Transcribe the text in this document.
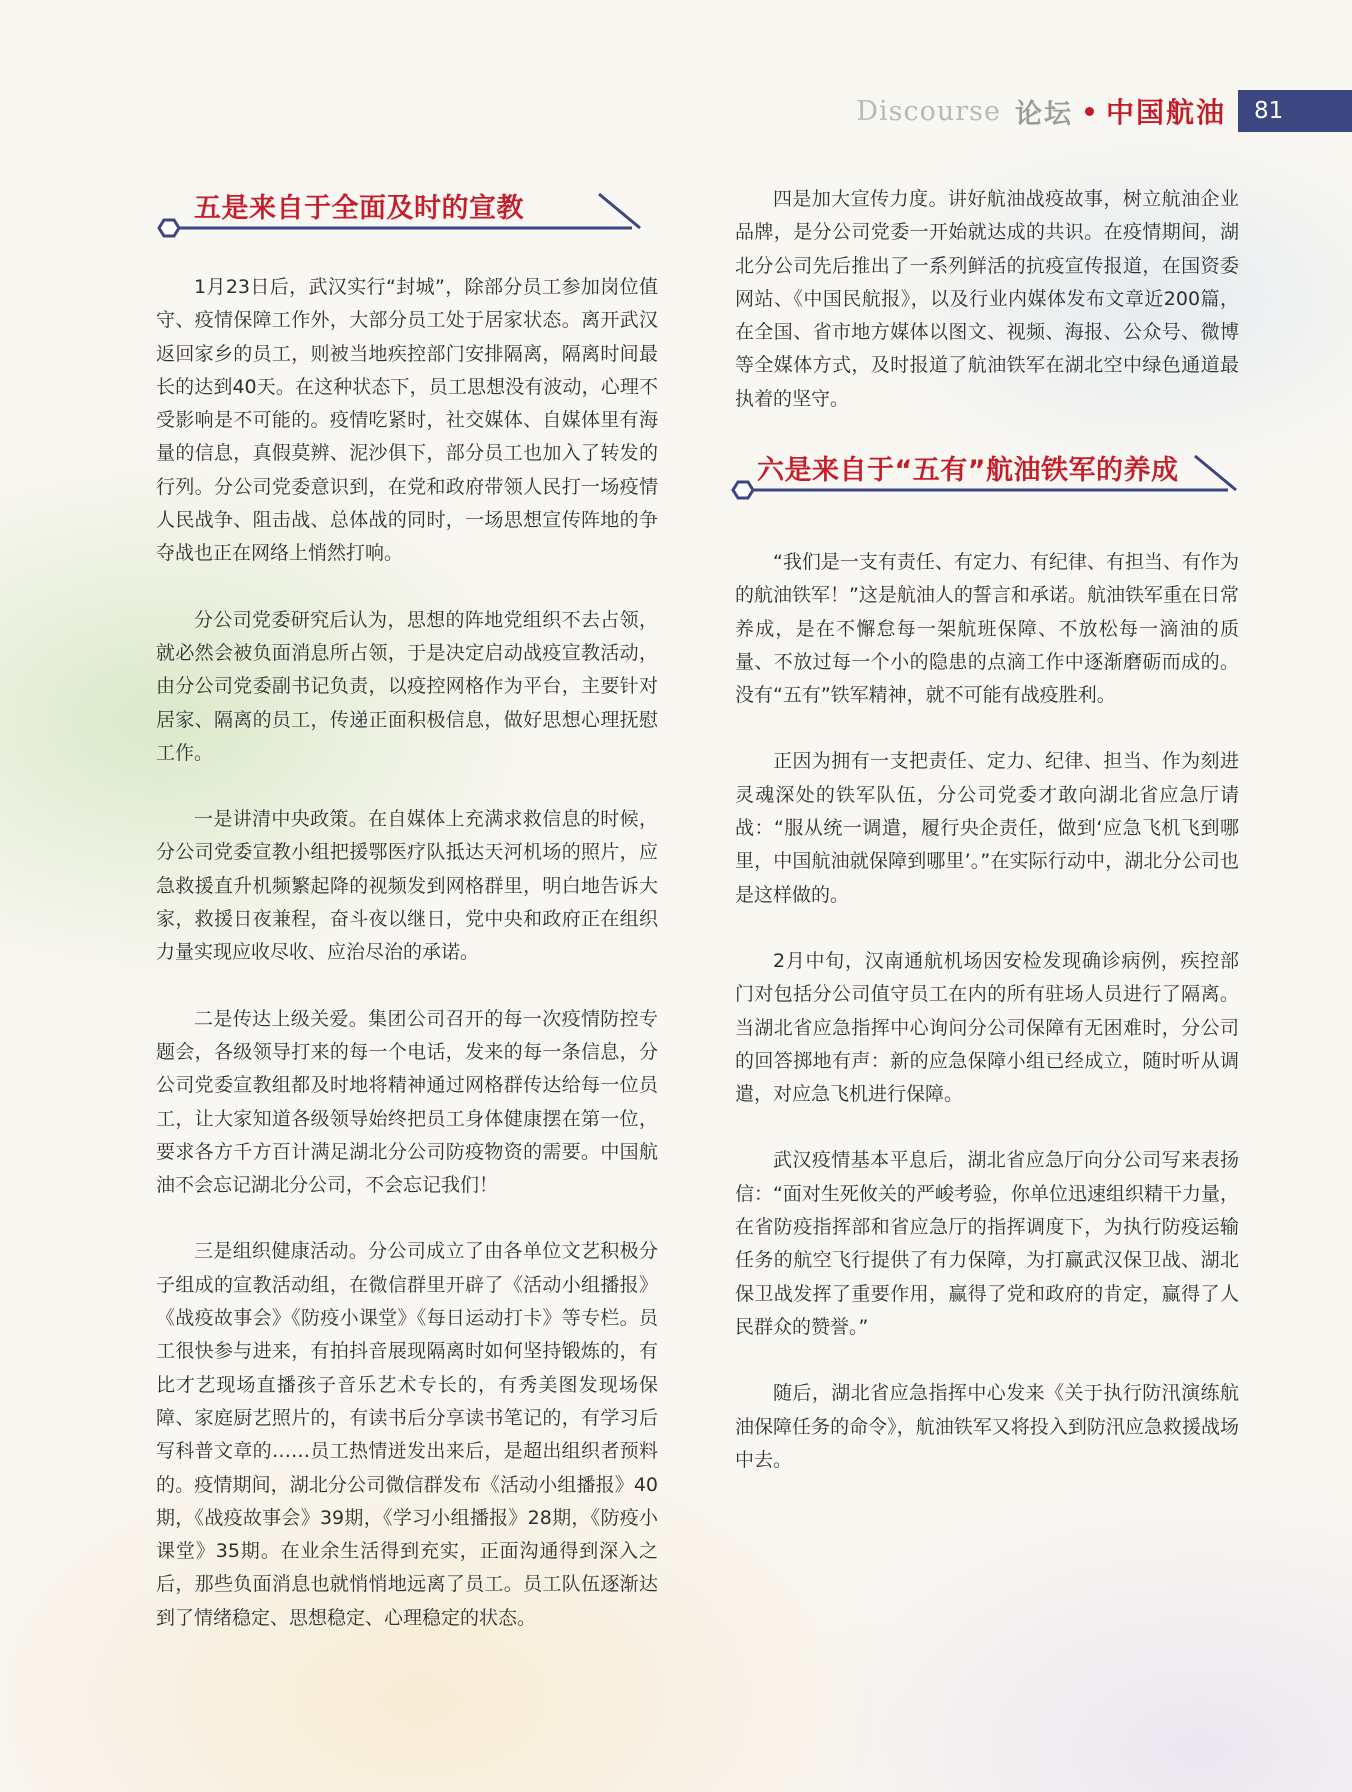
Discourse 论坛 中国航油	81
五是来自于全面及时的宣教

1月23日后，武汉实行“封城”，除部分员工参加岗位值守、疫情保障工作外，大部分员工处于居家状态。离开武汉返回家乡的员工，则被当地疾控部门安排隔离，隔离时间最长的达到40天。在这种状态下，员工思想没有波动，心理不受影响是不可能的。疫情吃紧时，社交媒体、自媒体里有海量的信息，真假莫辨、泥沙俱下，部分员工也加入了转发的行列。分公司党委意识到，在党和政府带领人民打一场疫情人民战争、阻击战、总体战的同时，一场思想宣传阵地的争夺战也正在网络上悄然打响。

分公司党委研究后认为，思想的阵地党组织不去占领，就必然会被负面消息所占领，于是决定启动战疫宣教活动，由分公司党委副书记负责，以疫控网格作为平台，主要针对居家、隔离的员工，传递正面积极信息，做好思想心理抚慰工作。

一是讲清中央政策。在自媒体上充满求救信息的时候，分公司党委宣教小组把援鄂医疗队抵达天河机场的照片，应急救援直升机频繁起降的视频发到网格群里，明白地告诉大家，救援日夜兼程，奋斗夜以继日，党中央和政府正在组织力量实现应收尽收、应治尽治的承诺。

二是传达上级关爱。集团公司召开的每一次疫情防控专题会，各级领导打来的每一个电话，发来的每一条信息，分公司党委宣教组都及时地将精神通过网格群传达给每一位员工，让大家知道各级领导始终把员工身体健康摆在第一位，要求各方千方百计满足湖北分公司防疫物资的需要。中国航油不会忘记湖北分公司，不会忘记我们！

三是组织健康活动。分公司成立了由各单位文艺积极分子组成的宣教活动组，在微信群里开辟了《活动小组播报》《战疫故事会》《防疫小课堂》《每日运动打卡》等专栏。员工很快参与进来，有拍抖音展现隔离时如何坚持锻炼的，有比才艺现场直播孩子音乐艺术专长的，有秀美图发现场保障、家庭厨艺照片的，有读书后分享读书笔记的，有学习后写科普文章的……员工热情迸发出来后，是超出组织者预料的。疫情期间，湖北分公司微信群发布《活动小组播报》40期，《战疫故事会》39期，《学习小组播报》28期，《防疫小课堂》35期。在业余生活得到充实，正面沟通得到深入之后，那些负面消息也就悄悄地远离了员工。员工队伍逐渐达到了情绪稳定、思想稳定、心理稳定的状态。

四是加大宣传力度。讲好航油战疫故事，树立航油企业品牌，是分公司党委一开始就达成的共识。在疫情期间，湖北分公司先后推出了一系列鲜活的抗疫宣传报道，在国资委网站、《中国民航报》，以及行业内媒体发布文章近200篇，在全国、省市地方媒体以图文、视频、海报、公众号、微博等全媒体方式，及时报道了航油铁军在湖北空中绿色通道最执着的坚守。

六是来自于“五有”航油铁军的养成

“我们是一支有责任、有定力、有纪律、有担当、有作为的航油铁军！”这是航油人的誓言和承诺。航油铁军重在日常养成，是在不懈怠每一架航班保障、不放松每一滴油的质量、不放过每一个小的隐患的点滴工作中逐渐磨砺而成的。没有“五有”铁军精神，就不可能有战疫胜利。

正因为拥有一支把责任、定力、纪律、担当、作为刻进灵魂深处的铁军队伍，分公司党委才敢向湖北省应急厅请战：“服从统一调遣，履行央企责任，做到‘应急飞机飞到哪里，中国航油就保障到哪里’。”在实际行动中，湖北分公司也是这样做的。

2月中旬，汉南通航机场因安检发现确诊病例，疾控部门对包括分公司值守员工在内的所有驻场人员进行了隔离。当湖北省应急指挥中心询问分公司保障有无困难时，分公司的回答掷地有声：新的应急保障小组已经成立，随时听从调遣，对应急飞机进行保障。

武汉疫情基本平息后，湖北省应急厅向分公司写来表扬信：“面对生死攸关的严峻考验，你单位迅速组织精干力量，在省防疫指挥部和省应急厅的指挥调度下，为执行防疫运输任务的航空飞行提供了有力保障，为打赢武汉保卫战、湖北保卫战发挥了重要作用，赢得了党和政府的肯定，赢得了人民群众的赞誉。”

随后，湖北省应急指挥中心发来《关于执行防汛演练航油保障任务的命令》，航油铁军又将投入到防汛应急救援战场中去。
